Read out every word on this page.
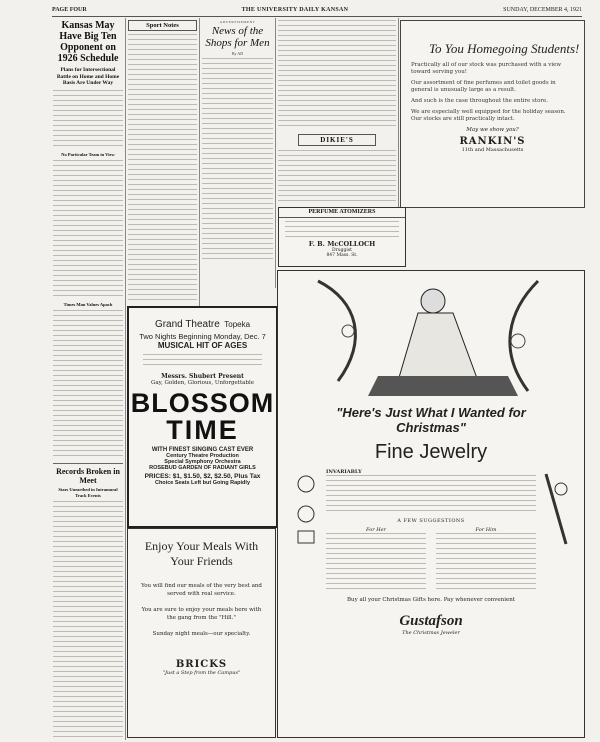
PAGE FOUR	THE UNIVERSITY DAILY KANSAN	SUNDAY, DECEMBER 4, 1921
Kansas May Have Big Ten Opponent on 1926 Schedule
Plans for Intersectional Battle on Home and Home Basis Are Under Way
No Particular Team in View
Times Man Values Apach
Records Broken in Meet
Stars Unearthed in Intramural Track Events
Sport Notes	ADVERTISEMENT
News of the Shops for Men
By AD
DIKIE'S
To You Homegoing Students!
Practically all of our stock was purchased with a view toward serving you!
Our assortment of fine perfumes and toilet goods in general is unusually large as a result.
And such is the case throughout the entire store.
We are especially well equipped for the holiday season. Our stocks are still practically intact.
May we show you?
RANKIN'S
11th and Massachusetts
PERFUME ATOMIZERS
F. B. McCOLLOCH
Druggist
847 Mass. St.
Grand Theatre Topeka
Two Nights Beginning Monday, Dec. 7
MUSICAL HIT OF AGES
Messrs. Shubert Present
Gay, Golden, Glorious, Unforgettable
BLOSSOM
TIME
WITH FINEST SINGING CAST EVER
Century Theatre Production
Special Symphony Orchestra
ROSEBUD GARDEN OF RADIANT GIRLS
PRICES: $1, $1.50, $2, $2.50, Plus Tax
Choice Seats Left but Going Rapidly
Enjoy Your Meals With Your Friends
You will find our meals of the very best and served with real service.
You are sure to enjoy your meals here with the gang from the "Hill."
Sunday night meals—our specialty.
BRICKS
"Just a Step from the Campus"
"Here's Just What I Wanted for Christmas"
Fine Jewelry
INVARIABLY
A FEW SUGGESTIONS
For Her	For Him
Buy all your Christmas Gifts here. Pay whenever convenient
Gustafson
The Christmas Jeweler
